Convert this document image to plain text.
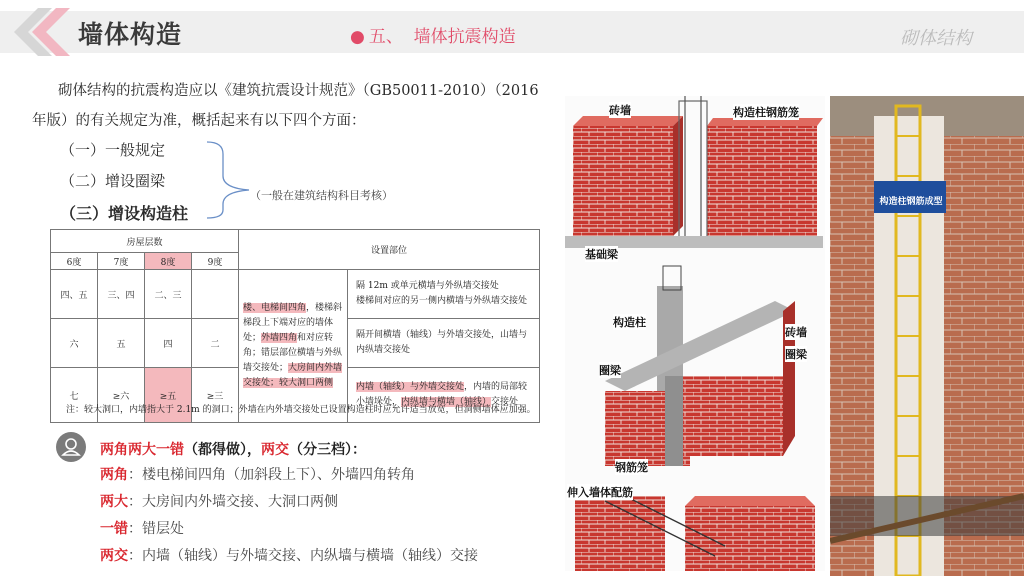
墙体构造	● 五、 墙体抗震构造	砌体结构
砌体结构的抗震构造应以《建筑抗震设计规范》（GB50011-2010）（2016年版）的有关规定为准，概括起来有以下四个方面：
（一）一般规定
（二）增设圈梁
（三）增设构造柱
（一般在建筑结构科目考核）
房屋层数				设置部位	
6度	7度	8度	9度		
四、五	三、四	二、三		楼、电梯间四角，楼梯斜梯段上下端对应的墙体处；外墙四角和对应转角；错层部位横墙与外纵墙交接处；大房间内外墙交接处；较大洞口两侧	隔 12m 或单元横墙与外纵墙交接处
楼梯间对应的另一侧内横墙与外纵墙交接处

六	五	四	二		隔开间横墙（轴线）与外墙交接处，山墙与内纵墙交接处
七	≥六	≥五	≥三		内墙（轴线）与外墙交接处，内墙的局部较小墙垛处，内纵墙与横墙（轴线）交接处
注：较大洞口，内墙指大于 2.1m 的洞口；外墙在内外墙交接处已设置构造柱时应允许适当放宽，但洞侧墙体应加强。
两角两大一错（都得做），两交（分三档）：
两角：楼电梯间四角（加斜段上下）、外墙四角转角
两大：大房间内外墙交接、大洞口两侧
一错：错层处
两交：内墙（轴线）与外墙交接、内纵墙与横墙（轴线）交接
砖墙	构造柱钢筋笼
基础梁
构造柱
砖墙
圈梁
圈梁
钢筋笼
伸入墙体配筋
构造柱钢筋成型
